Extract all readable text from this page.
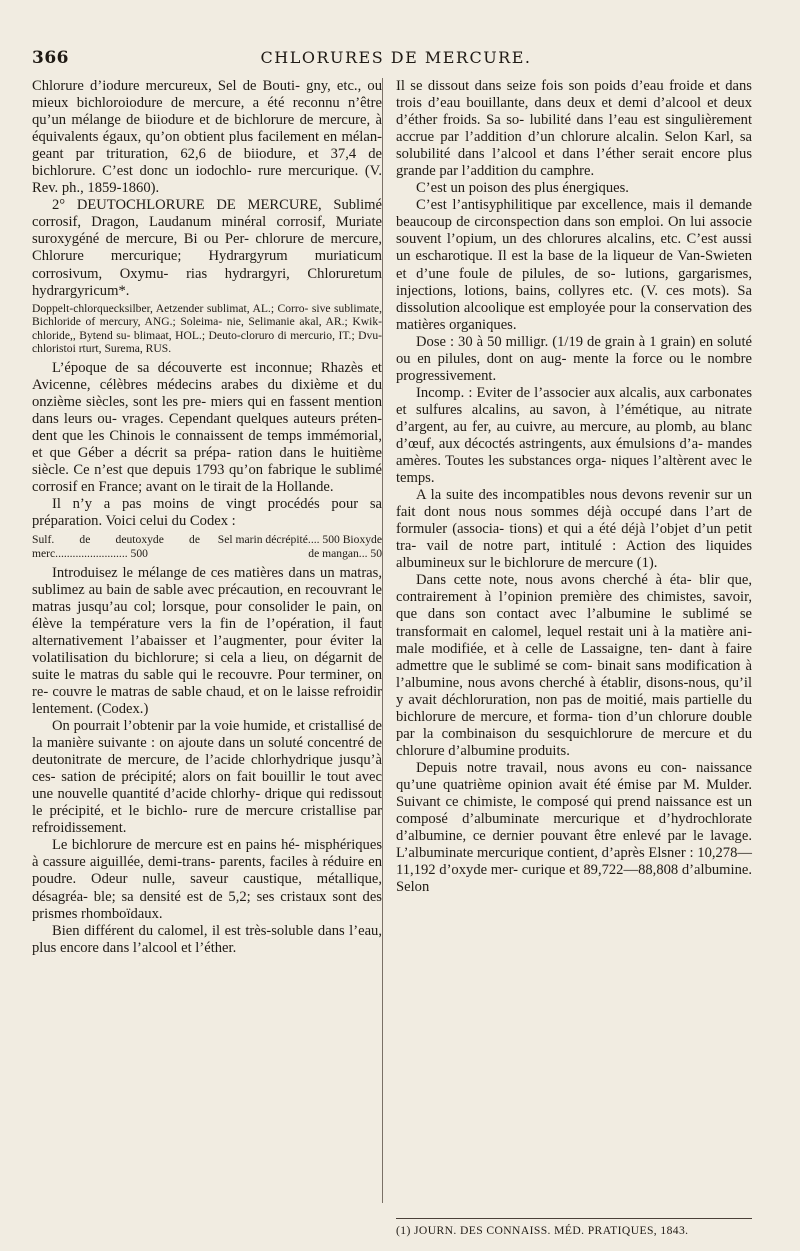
366	CHLORURES DE MERCURE.

Chlorure d’iodure mercureux, Sel de Bouti- gny, etc., ou mieux bichloroiodure de mercure, a été reconnu n’être qu’un mélange de biiodure et de bichlorure de mercure, à équivalents égaux, qu’on obtient plus facilement en mélan- geant par trituration, 62,6 de biiodure, et 37,4 de bichlorure. C’est donc un iodochlo- rure mercurique. (V. Rev. ph., 1859-1860).

2° DEUTOCHLORURE DE MERCURE, Sublimé corrosif, Dragon, Laudanum minéral corrosif, Muriate suroxygéné de mercure, Bi ou Per- chlorure de mercure, Chlorure mercurique; Hydrargyrum muriaticum corrosivum, Oxymu- rias hydrargyri, Chloruretum hydrargyricum*.

Doppelt-chlorquecksilber, Aetzender sublimat, AL.; Corro- sive sublimate, Bichloride of mercury, ANG.; Soleima- nie, Selimanie akal, AR.; Kwik-chloride,, Bytend su- blimaat, HOL.; Deuto-cloruro di mercurio, IT.; Dvu- chloristoi rturt, Surema, RUS.

L’époque de sa découverte est inconnue; Rhazès et Avicenne, célèbres médecins arabes du dixième et du onzième siècles, sont les pre- miers qui en fassent mention dans leurs ou- vrages. Cependant quelques auteurs préten- dent que les Chinois le connaissent de temps immémorial, et que Géber a décrit sa prépa- ration dans le huitième siècle. Ce n’est que depuis 1793 qu’on fabrique le sublimé corrosif en France; avant on le tirait de la Hollande.

Il n’y a pas moins de vingt procédés pour sa préparation. Voici celui du Codex :

Sulf. de deutoxyde de merc......................... 500
Sel marin décrépité.... 500 Bioxyde de mangan... 50

Introduisez le mélange de ces matières dans un matras, sublimez au bain de sable avec précaution, en recouvrant le matras jusqu’au col; lorsque, pour consolider le pain, on élève la température vers la fin de l’opération, il faut alternativement l’abaisser et l’augmenter, pour éviter la volatilisation du bichlorure; si cela a lieu, on dégarnit de suite le matras du sable qui le recouvre. Pour terminer, on re- couvre le matras de sable chaud, et on le laisse refroidir lentement. (Codex.)

On pourrait l’obtenir par la voie humide, et cristallisé de la manière suivante : on ajoute dans un soluté concentré de deutonitrate de mercure, de l’acide chlorhydrique jusqu’à ces- sation de précipité; alors on fait bouillir le tout avec une nouvelle quantité d’acide chlorhy- drique qui redissout le précipité, et le bichlo- rure de mercure cristallise par refroidissement.

Le bichlorure de mercure est en pains hé- misphériques à cassure aiguillée, demi-trans- parents, faciles à réduire en poudre. Odeur nulle, saveur caustique, métallique, désagréa- ble; sa densité est de 5,2; ses cristaux sont des prismes rhomboïdaux.

Bien différent du calomel, il est très-soluble dans l’eau, plus encore dans l’alcool et l’éther.

Il se dissout dans seize fois son poids d’eau froide et dans trois d’eau bouillante, dans deux et demi d’alcool et deux d’éther froids. Sa so- lubilité dans l’eau est singulièrement accrue par l’addition d’un chlorure alcalin. Selon Karl, sa solubilité dans l’alcool et dans l’éther serait encore plus grande par l’addition du camphre.

C’est un poison des plus énergiques.

C’est l’antisyphilitique par excellence, mais il demande beaucoup de circonspection dans son emploi. On lui associe souvent l’opium, un des chlorures alcalins, etc. C’est aussi un escharotique. Il est la base de la liqueur de Van-Swieten et d’une foule de pilules, de so- lutions, gargarismes, injections, lotions, bains, collyres etc. (V. ces mots). Sa dissolution alcoolique est employée pour la conservation des matières organiques.

Dose : 30 à 50 milligr. (1/19 de grain à 1 grain) en soluté ou en pilules, dont on aug- mente la force ou le nombre progressivement.

Incomp. : Eviter de l’associer aux alcalis, aux carbonates et sulfures alcalins, au savon, à l’émétique, au nitrate d’argent, au fer, au cuivre, au mercure, au plomb, au blanc d’œuf, aux décoctés astringents, aux émulsions d’a- mandes amères. Toutes les substances orga- niques l’altèrent avec le temps.

A la suite des incompatibles nous devons revenir sur un fait dont nous nous sommes déjà occupé dans l’art de formuler (associa- tions) et qui a été déjà l’objet d’un petit tra- vail de notre part, intitulé : Action des liquides albumineux sur le bichlorure de mercure (1).

Dans cette note, nous avons cherché à éta- blir que, contrairement à l’opinion première des chimistes, savoir, que dans son contact avec l’albumine le sublimé se transformait en calomel, lequel restait uni à la matière ani- male modifiée, et à celle de Lassaigne, ten- dant à faire admettre que le sublimé se com- binait sans modification à l’albumine, nous avons cherché à établir, disons-nous, qu’il y avait déchloruration, non pas de moitié, mais partielle du bichlorure de mercure, et forma- tion d’un chlorure double par la combinaison du sesquichlorure de mercure et du chlorure d’albumine produits.

Depuis notre travail, nous avons eu con- naissance qu’une quatrième opinion avait été émise par M. Mulder. Suivant ce chimiste, le composé qui prend naissance est un composé d’albuminate mercurique et d’hydrochlorate d’albumine, ce dernier pouvant être enlevé par le lavage. L’albuminate mercurique contient, d’après Elsner : 10,278—11,192 d’oxyde mer- curique et 89,722—88,808 d’albumine. Selon

(1) JOURN. DES CONNAISS. MÉD. PRATIQUES, 1843.
